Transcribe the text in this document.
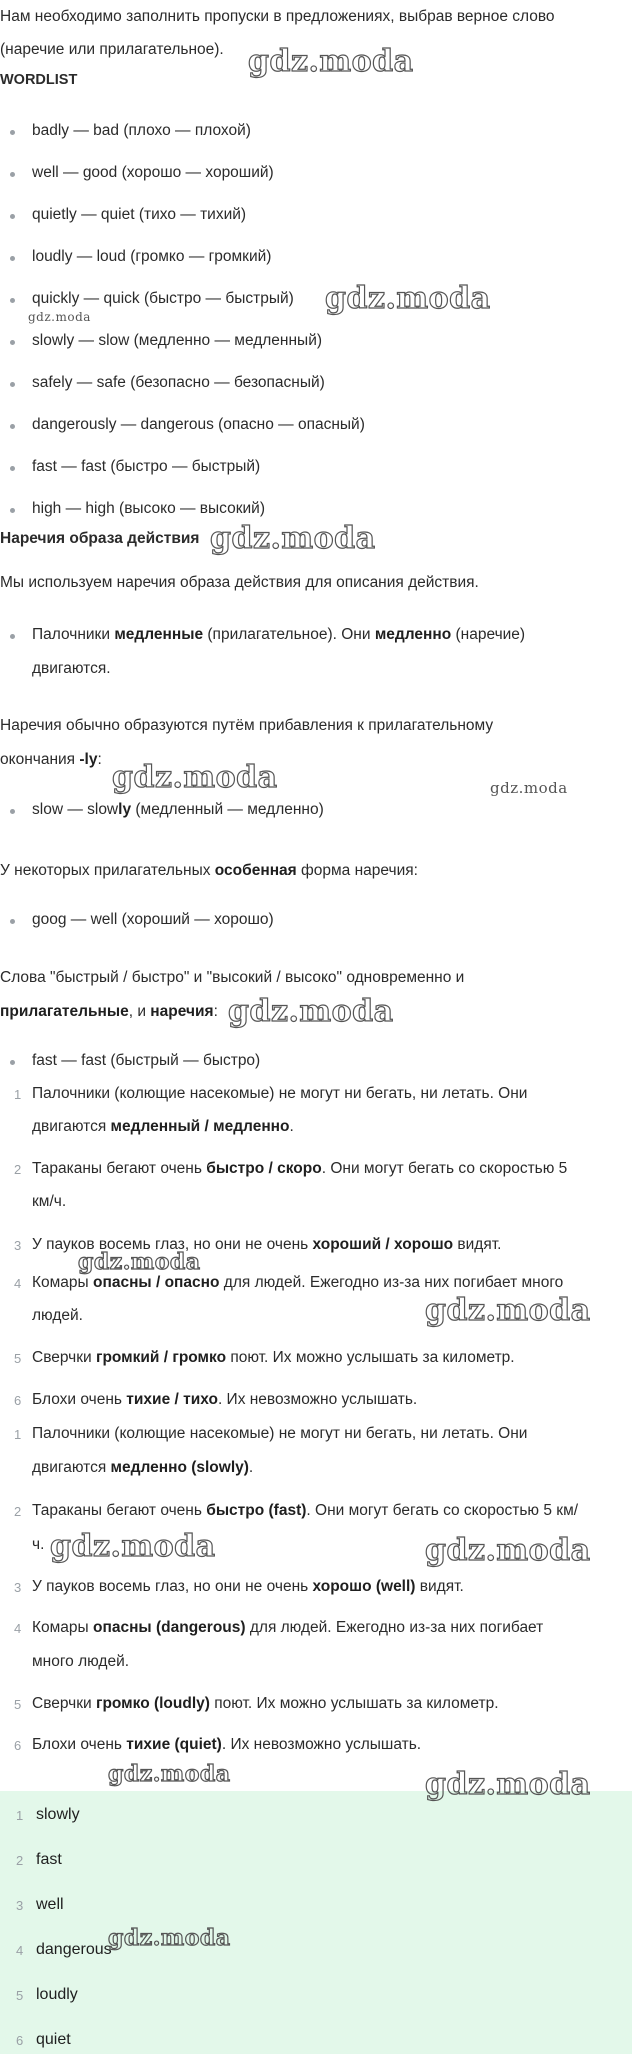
Нам необходимо заполнить пропуски в предложениях, выбрав верное слово
(наречие или прилагательное).
WORDLIST
badly — bad (плохо — плохой)
well — good (хорошо — хороший)
quietly — quiet (тихо — тихий)
loudly — loud (громко — громкий)
quickly — quick (быстро — быстрый)
slowly — slow (медленно — медленный)
safely — safe (безопасно — безопасный)
dangerously — dangerous (опасно — опасный)
fast — fast (быстро — быстрый)
high — high (высоко — высокий)
Наречия образа действия
Мы используем наречия образа действия для описания действия.
Палочники медленные (прилагательное). Они медленно (наречие)
двигаются.
Наречия обычно образуются путём прибавления к прилагательному
окончания -ly:
slow — slowly (медленный — медленно)
У некоторых прилагательных особенная форма наречия:
goog — well (хороший — хорошо)
Слова "быстрый / быстро" и "высокий / высоко" одновременно и
прилагательные, и наречия:
fast — fast (быстрый — быстро)
1 Палочники (колющие насекомые) не могут ни бегать, ни летать. Они
двигаются медленный / медленно.
2 Тараканы бегают очень быстро / скоро. Они могут бегать со скоростью 5
км/ч.
3 У пауков восемь глаз, но они не очень хороший / хорошо видят.
4 Комары опасны / опасно для людей. Ежегодно из-за них погибает много
людей.
5 Сверчки громкий / громко поют. Их можно услышать за километр.
6 Блохи очень тихие / тихо. Их невозможно услышать.
1 Палочники (колющие насекомые) не могут ни бегать, ни летать. Они
двигаются медленно (slowly).
2 Тараканы бегают очень быстро (fast). Они могут бегать со скоростью 5 км/
ч.
3 У пауков восемь глаз, но они не очень хорошо (well) видят.
4 Комары опасны (dangerous) для людей. Ежегодно из-за них погибает
много людей.
5 Сверчки громко (loudly) поют. Их можно услышать за километр.
6 Блохи очень тихие (quiet). Их невозможно услышать.
1 slowly
2 fast
3 well
4 dangerous
5 loudly
6 quiet
gdz.moda
gdz.moda
gdz.moda
gdz.moda
gdz.moda	gdz.moda
gdz.moda
gdz.moda
gdz.moda
gdz.moda	gdz.moda
gdz.moda	gdz.moda
